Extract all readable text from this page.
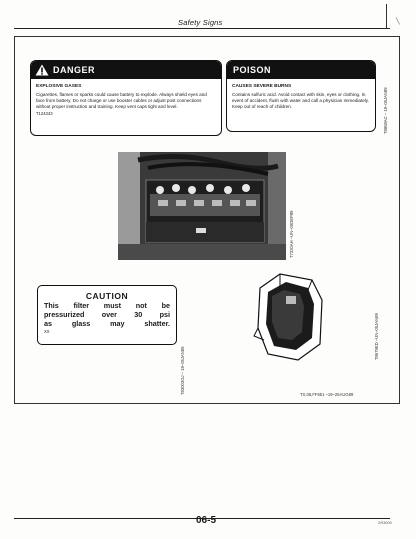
Safety Signs	╲
DANGER
EXPLOSIVE GASES
Cigarettes, flames or sparks could cause battery to explode. Always shield eyes and face from battery. Do not charge or use booster cables or adjust post connections without proper instruction and training. Keep vent caps tight and level.
T124343
POISON
CAUSES SEVERE BURNS
Contains sulfuric acid. Avoid contact with skin, eyes or clothing. In event of accident, flush with water and call a physician immediately. Keep out of reach of children.	T8868AC – 19–05JAN89
T7320AH –UN–05DEP89
CAUTION
This filter must not be
pressurized over 30 psi
as	glass	may	shatter.
XX
T83003GJ – 19–05JAN89
T8679ED –UN–05JAN89
TX,06,FF651 –19–25AUG89
06-5	2/93000
